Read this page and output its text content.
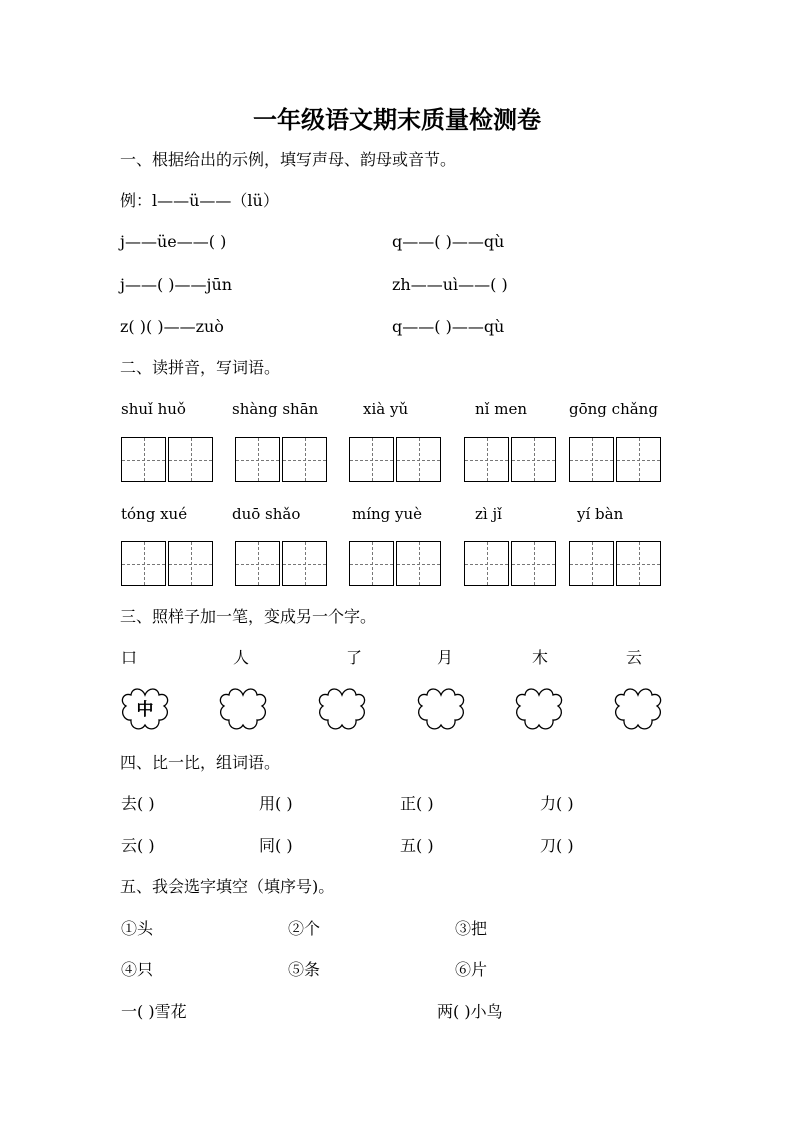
一年级语文期末质量检测卷
一、根据给出的示例，填写声母、韵母或音节。
例：l——ü——（lü）
j——üe——( )	q——( )——qù
j——( )——jūn	zh——uì——( )
z( )( )——zuò	q——( )——qù
二、读拼音，写词语。
shuǐ huǒ	shàng shān	xià yǔ	nǐ men	gōng chǎng
tóng xué	duō shǎo	míng yuè	zì jǐ	yí bàn
三、照样子加一笔，变成另一个字。
口	人	了	月	木	云
中
四、比一比，组词语。
去( )	用( )	正( )	力( )
云( )	同( )	五( )	刀( )
五、我会选字填空（填序号)。
①头	②个	③把
④只	⑤条	⑥片
一( )雪花	两( )小鸟
